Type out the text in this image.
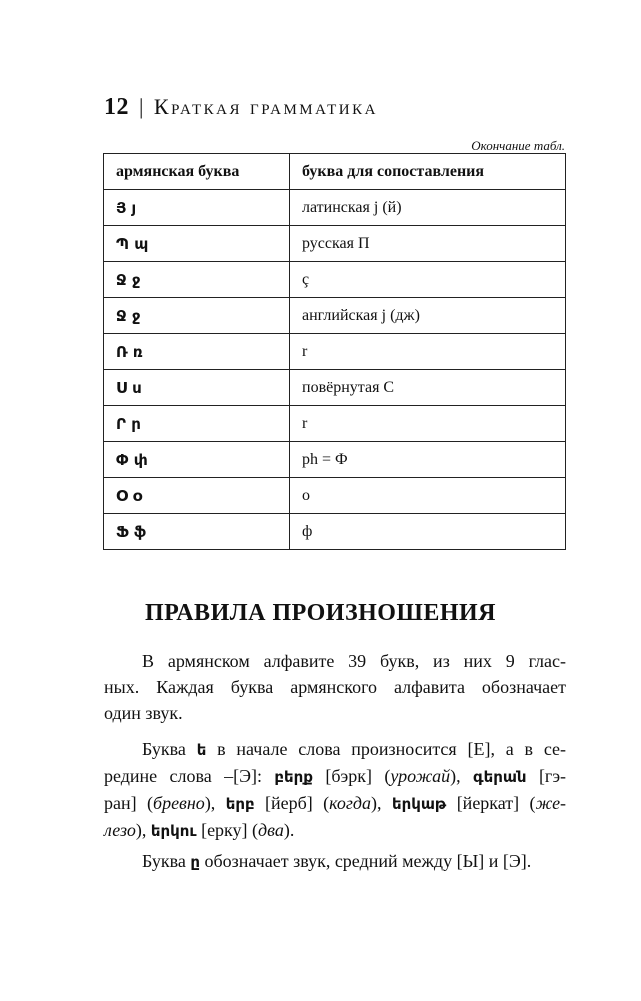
12 | Краткая грамматика
Окончание табл.
армянская буква	буква для сопоставления
Յ յ	латинская j (й)
Պ պ	русская П
Ջ ջ	ç
Ջ ջ	английская j (дж)
Ռ ռ	r
Ս ս	повёрнутая С
Ր ր	r
Փ փ	ph = Ф
Օ օ	o
Ֆ ֆ	ф
ПРАВИЛА ПРОИЗНОШЕНИЯ
В армянском алфавите 39 букв, из них 9 глас-
ных. Каждая буква армянского алфавита обозначает
один звук.
Буква ե в начале слова произносится [Е], а в се-
редине слова –[Э]: բերք [бэрк] (урожай), գերան [гэ-
ран] (бревно), երբ [йерб] (когда), երկաթ [йеркат] (же-
лезо), երկու [ерку] (два).
Буква ը обозначает звук, средний между [Ы] и [Э].
